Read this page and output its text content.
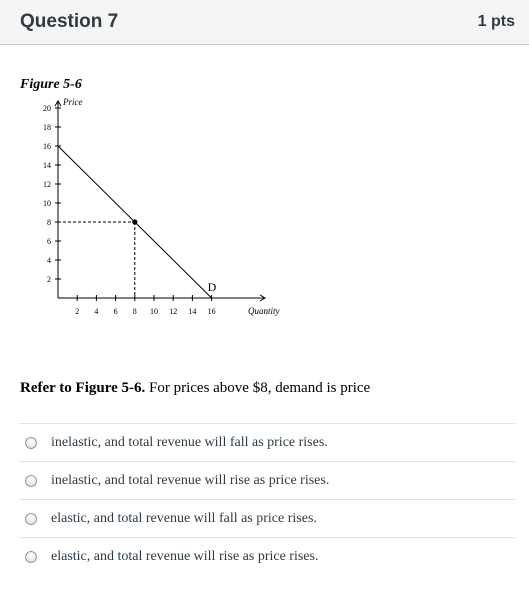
Question 7	1 pts
Figure 5-6
2 4 6 8 10 12 14 16
2
4
6
8
10
12
14
16
18
20
Quantity
Price
D
Refer to Figure 5-6. For prices above $8, demand is price
inelastic, and total revenue will fall as price rises.
inelastic, and total revenue will rise as price rises.
elastic, and total revenue will fall as price rises.
elastic, and total revenue will rise as price rises.
